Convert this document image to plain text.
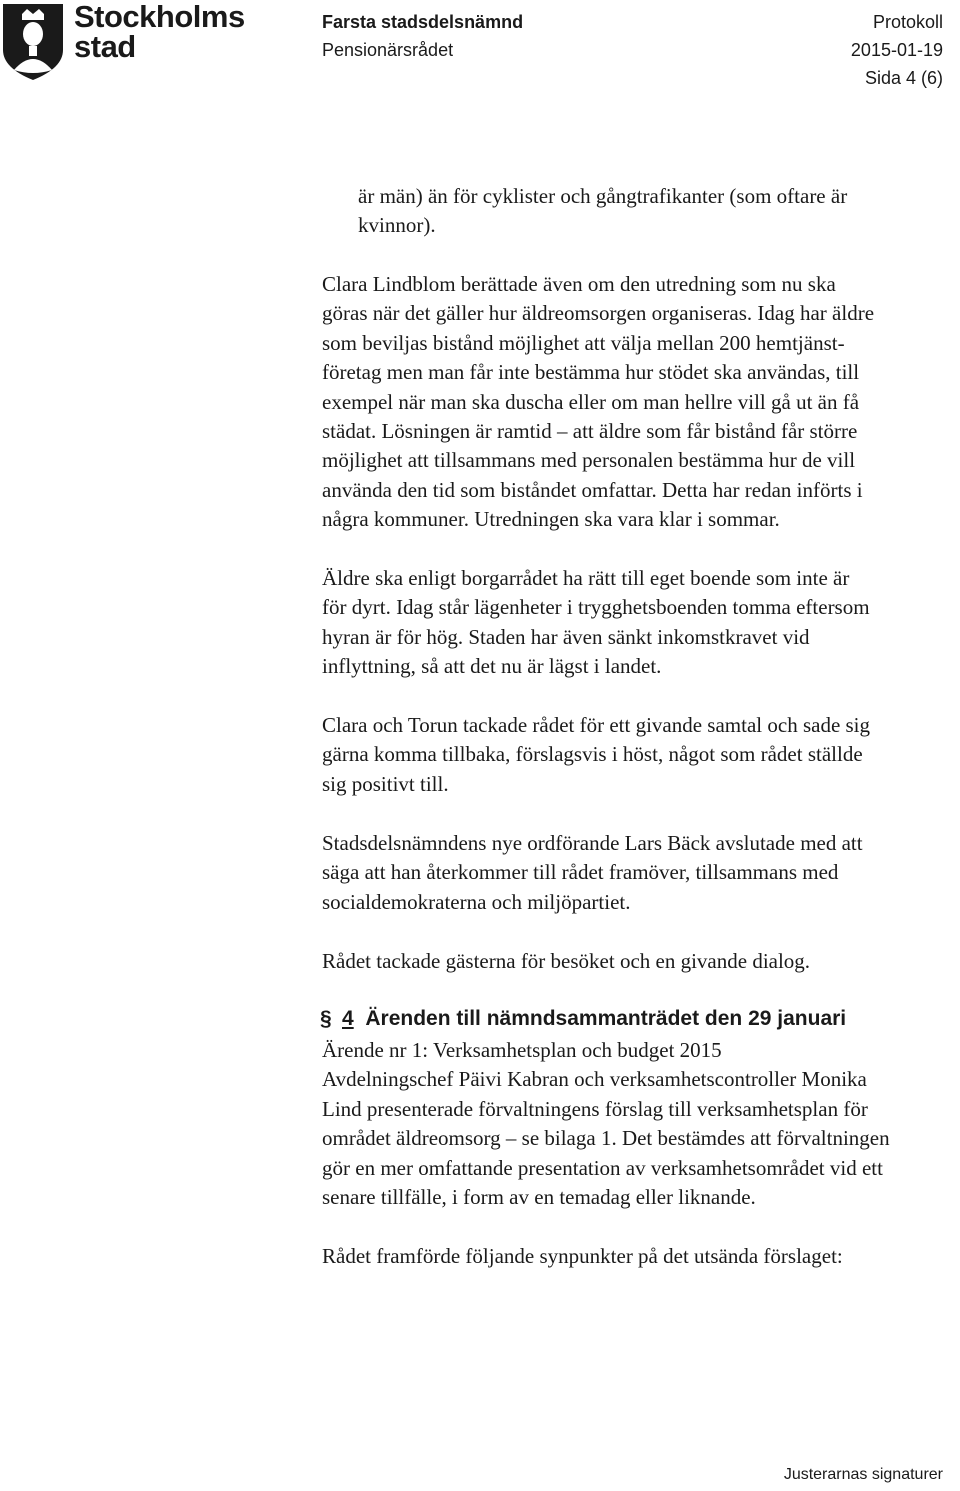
Stockholms
stad
Farsta stadsdelsnämnd
Pensionärsrådet
Protokoll
2015-01-19
Sida 4 (6)
är män) än för cyklister och gångtrafikanter (som oftare är
kvinnor).
Clara Lindblom berättade även om den utredning som nu ska
göras när det gäller hur äldreomsorgen organiseras. Idag har äldre
som beviljas bistånd möjlighet att välja mellan 200 hemtjänst-
företag men man får inte bestämma hur stödet ska användas, till
exempel när man ska duscha eller om man hellre vill gå ut än få
städat. Lösningen är ramtid – att äldre som får bistånd får större
möjlighet att tillsammans med personalen bestämma hur de vill
använda den tid som biståndet omfattar. Detta har redan införts i
några kommuner. Utredningen ska vara klar i sommar.
Äldre ska enligt borgarrådet ha rätt till eget boende som inte är
för dyrt. Idag står lägenheter i trygghetsboenden tomma eftersom
hyran är för hög. Staden har även sänkt inkomstkravet vid
inflyttning, så att det nu är lägst i landet.
Clara och Torun tackade rådet för ett givande samtal och sade sig
gärna komma tillbaka, förslagsvis i höst, något som rådet ställde
sig positivt till.
Stadsdelsnämndens nye ordförande Lars Bäck avslutade med att
säga att han återkommer till rådet framöver, tillsammans med
socialdemokraterna och miljöpartiet.
Rådet tackade gästerna för besöket och en givande dialog.
§ 4 Ärenden till nämndsammanträdet den 29 januari
Ärende nr 1: Verksamhetsplan och budget 2015
Avdelningschef Päivi Kabran och verksamhetscontroller Monika
Lind presenterade förvaltningens förslag till verksamhetsplan för
området äldreomsorg – se bilaga 1. Det bestämdes att förvaltningen
gör en mer omfattande presentation av verksamhetsområdet vid ett
senare tillfälle, i form av en temadag eller liknande.
Rådet framförde följande synpunkter på det utsända förslaget:
Justerarnas signaturer
